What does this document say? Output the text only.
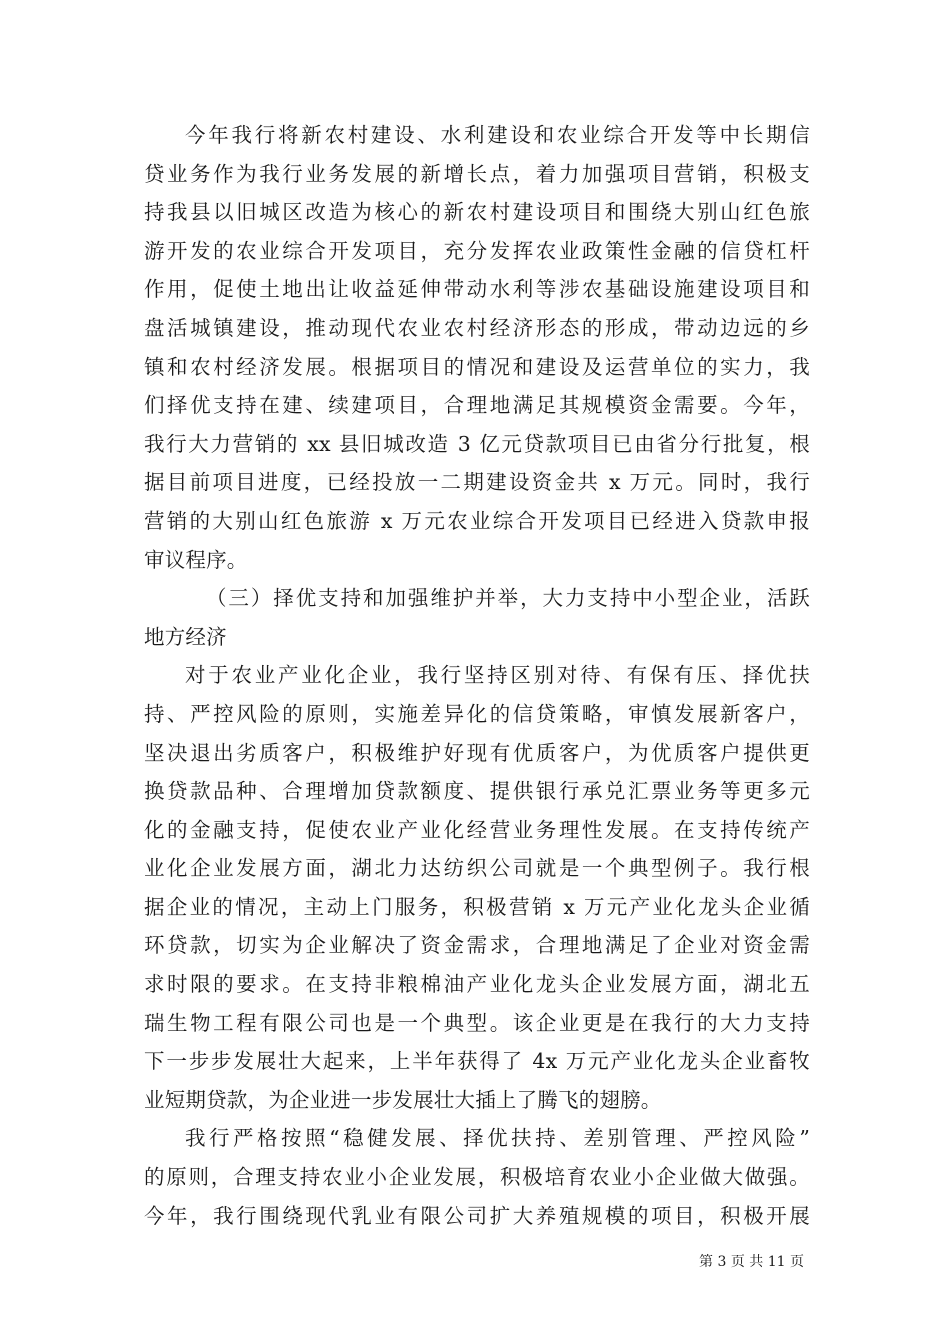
今年我行将新农村建设、水利建设和农业综合开发等中长期信
贷业务作为我行业务发展的新增长点，着力加强项目营销，积极支
持我县以旧城区改造为核心的新农村建设项目和围绕大别山红色旅
游开发的农业综合开发项目，充分发挥农业政策性金融的信贷杠杆
作用，促使土地出让收益延伸带动水利等涉农基础设施建设项目和
盘活城镇建设，推动现代农业农村经济形态的形成，带动边远的乡
镇和农村经济发展。根据项目的情况和建设及运营单位的实力，我
们择优支持在建、续建项目，合理地满足其规模资金需要。今年，
我行大力营销的 xx 县旧城改造 3 亿元贷款项目已由省分行批复，根
据目前项目进度，已经投放一二期建设资金共 x 万元。同时，我行
营销的大别山红色旅游 x 万元农业综合开发项目已经进入贷款申报
审议程序。
（三）择优支持和加强维护并举，大力支持中小型企业，活跃
地方经济
对于农业产业化企业，我行坚持区别对待、有保有压、择优扶
持、严控风险的原则，实施差异化的信贷策略，审慎发展新客户，
坚决退出劣质客户，积极维护好现有优质客户，为优质客户提供更
换贷款品种、合理增加贷款额度、提供银行承兑汇票业务等更多元
化的金融支持，促使农业产业化经营业务理性发展。在支持传统产
业化企业发展方面，湖北力达纺织公司就是一个典型例子。我行根
据企业的情况，主动上门服务，积极营销 x 万元产业化龙头企业循
环贷款，切实为企业解决了资金需求，合理地满足了企业对资金需
求时限的要求。在支持非粮棉油产业化龙头企业发展方面，湖北五
瑞生物工程有限公司也是一个典型。该企业更是在我行的大力支持
下一步步发展壮大起来，上半年获得了 4x 万元产业化龙头企业畜牧
业短期贷款，为企业进一步发展壮大插上了腾飞的翅膀。
我行严格按照“稳健发展、择优扶持、差别管理、严控风险”
的原则，合理支持农业小企业发展，积极培育农业小企业做大做强。
今年，我行围绕现代乳业有限公司扩大养殖规模的项目，积极开展
第 3 页 共 11 页
